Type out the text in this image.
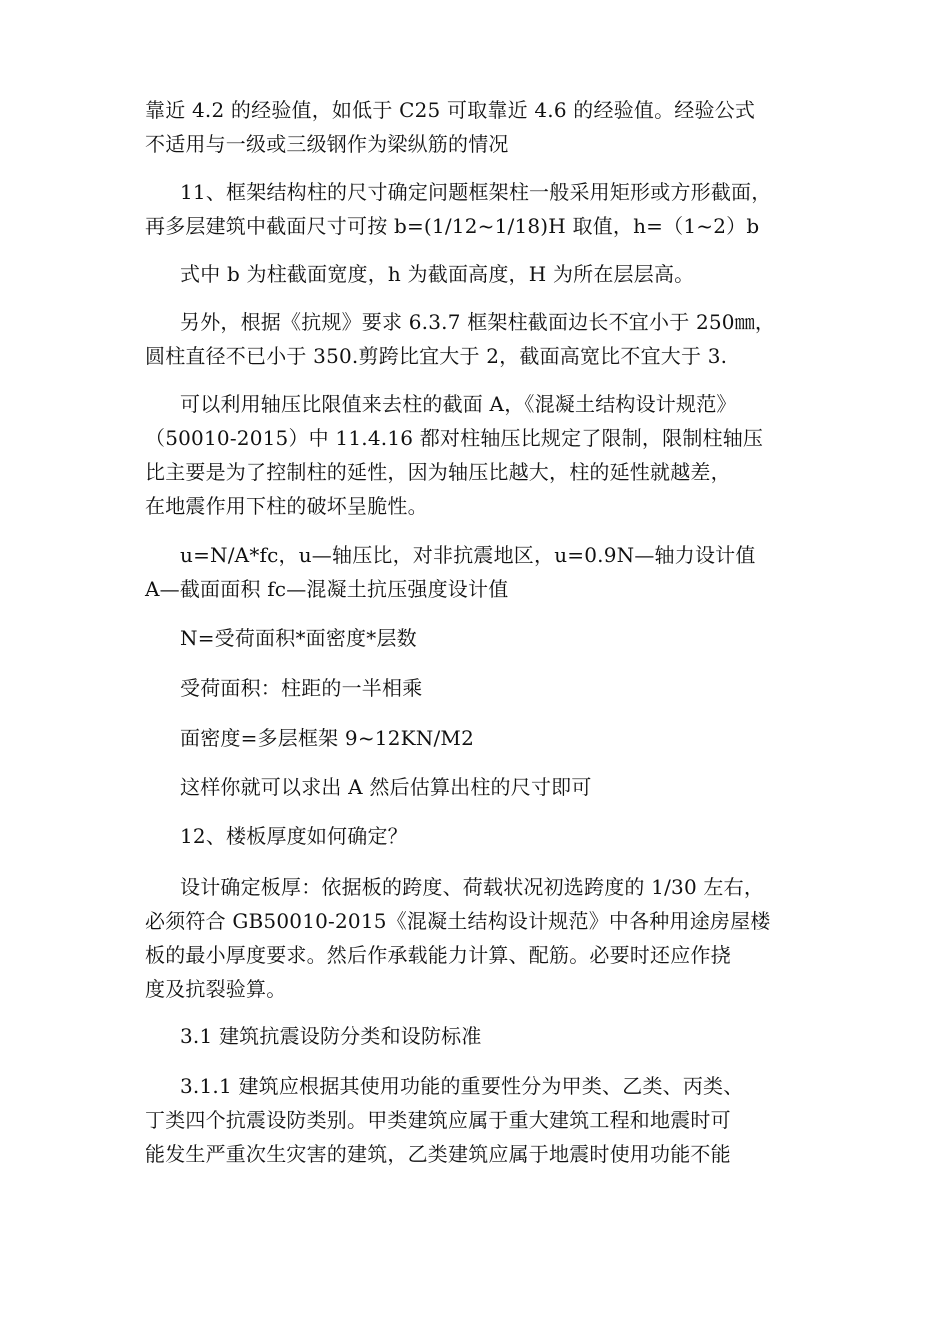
靠近 4.2 的经验值，如低于 C25 可取靠近 4.6 的经验值。经验公式

不适用与一级或三级钢作为梁纵筋的情况

11、框架结构柱的尺寸确定问题框架柱一般采用矩形或方形截面，

再多层建筑中截面尺寸可按 b=(1/12~1/18)H 取值，h=（1~2）b

式中 b 为柱截面宽度，h 为截面高度，H 为所在层层高。

另外，根据《抗规》要求 6.3.7 框架柱截面边长不宜小于 250㎜，

圆柱直径不已小于 350.剪跨比宜大于 2，截面高宽比不宜大于 3.

可以利用轴压比限值来去柱的截面 A，《混凝土结构设计规范》

（50010-2015）中 11.4.16 都对柱轴压比规定了限制，限制柱轴压

比主要是为了控制柱的延性，因为轴压比越大，柱的延性就越差，

在地震作用下柱的破坏呈脆性。

u=N/A*fc，u—轴压比，对非抗震地区，u=0.9N—轴力设计值

A—截面面积 fc—混凝土抗压强度设计值

N=受荷面积*面密度*层数

受荷面积：柱距的一半相乘

面密度=多层框架 9~12KN/M2

这样你就可以求出 A 然后估算出柱的尺寸即可

12、楼板厚度如何确定？

设计确定板厚：依据板的跨度、荷载状况初选跨度的 1/30 左右，

必须符合 GB50010-2015《混凝土结构设计规范》中各种用途房屋楼

板的最小厚度要求。然后作承载能力计算、配筋。必要时还应作挠

度及抗裂验算。

3.1 建筑抗震设防分类和设防标准

3.1.1 建筑应根据其使用功能的重要性分为甲类、乙类、丙类、

丁类四个抗震设防类别。甲类建筑应属于重大建筑工程和地震时可

能发生严重次生灾害的建筑，乙类建筑应属于地震时使用功能不能
